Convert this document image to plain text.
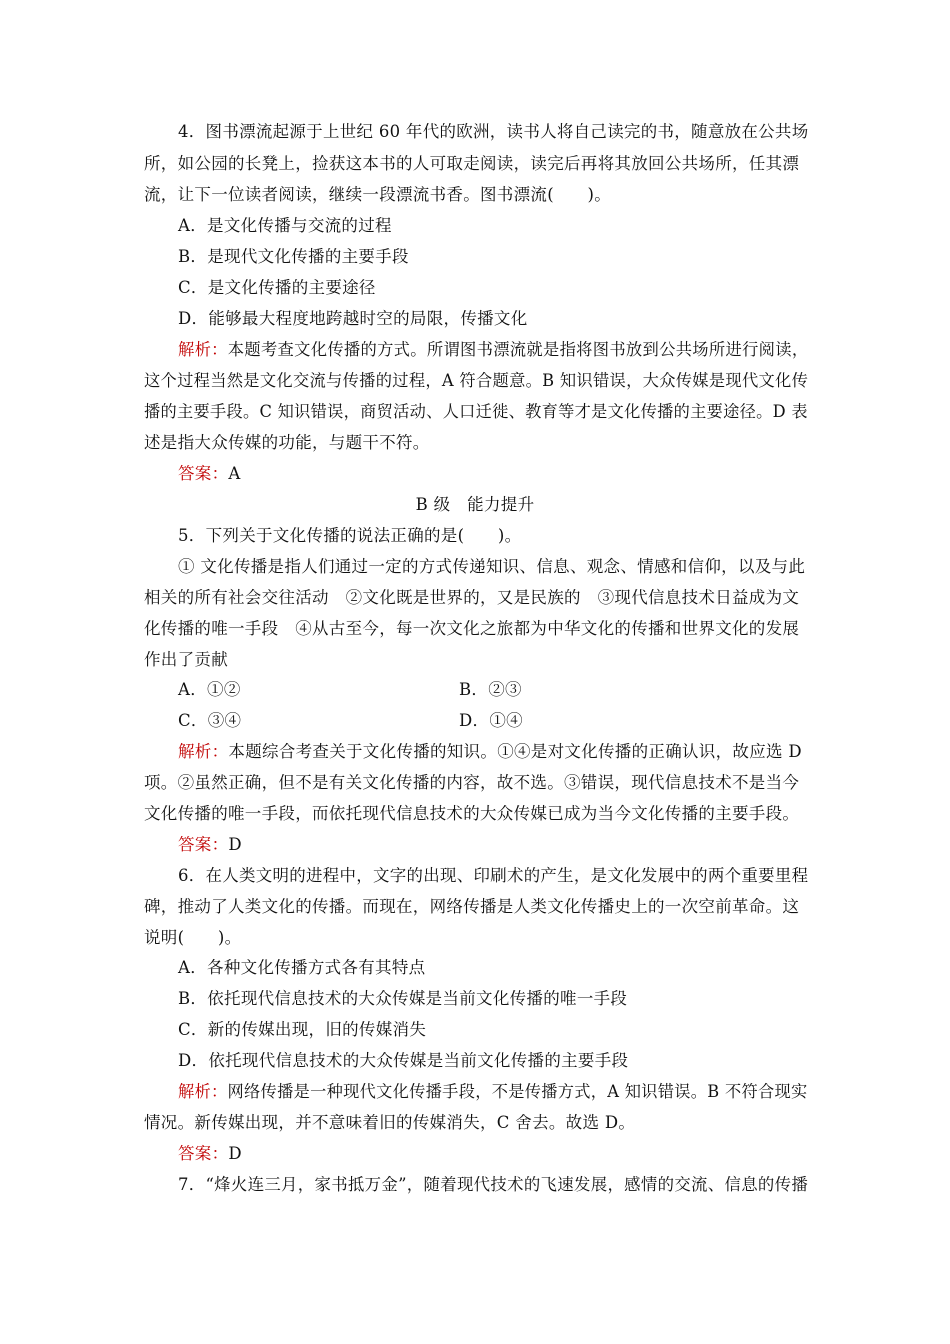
4．图书漂流起源于上世纪 60 年代的欧洲，读书人将自己读完的书，随意放在公共场
所，如公园的长凳上，捡获这本书的人可取走阅读，读完后再将其放回公共场所，任其漂
流，让下一位读者阅读，继续一段漂流书香。图书漂流(　　)。
A．是文化传播与交流的过程
B．是现代文化传播的主要手段
C．是文化传播的主要途径
D．能够最大程度地跨越时空的局限，传播文化
解析：本题考查文化传播的方式。所谓图书漂流就是指将图书放到公共场所进行阅读，
这个过程当然是文化交流与传播的过程，A 符合题意。B 知识错误，大众传媒是现代文化传
播的主要手段。C 知识错误，商贸活动、人口迁徙、教育等才是文化传播的主要途径。D 表
述是指大众传媒的功能，与题干不符。
答案：A
B 级　能力提升
5．下列关于文化传播的说法正确的是(　　)。
① 文化传播是指人们通过一定的方式传递知识、信息、观念、情感和信仰，以及与此
相关的所有社会交往活动　②文化既是世界的，又是民族的　③现代信息技术日益成为文
化传播的唯一手段　④从古至今，每一次文化之旅都为中华文化的传播和世界文化的发展
作出了贡献
A．①②	B．②③
C．③④	D．①④
解析：本题综合考查关于文化传播的知识。①④是对文化传播的正确认识，故应选 D
项。②虽然正确，但不是有关文化传播的内容，故不选。③错误，现代信息技术不是当今
文化传播的唯一手段，而依托现代信息技术的大众传媒已成为当今文化传播的主要手段。
答案：D
6．在人类文明的进程中，文字的出现、印刷术的产生，是文化发展中的两个重要里程
碑，推动了人类文化的传播。而现在，网络传播是人类文化传播史上的一次空前革命。这
说明(　　)。
A．各种文化传播方式各有其特点
B．依托现代信息技术的大众传媒是当前文化传播的唯一手段
C．新的传媒出现，旧的传媒消失
D．依托现代信息技术的大众传媒是当前文化传播的主要手段
解析：网络传播是一种现代文化传播手段，不是传播方式，A 知识错误。B 不符合现实
情况。新传媒出现，并不意味着旧的传媒消失，C 舍去。故选 D。
答案：D
7．“烽火连三月，家书抵万金”，随着现代技术的飞速发展，感情的交流、信息的传播
